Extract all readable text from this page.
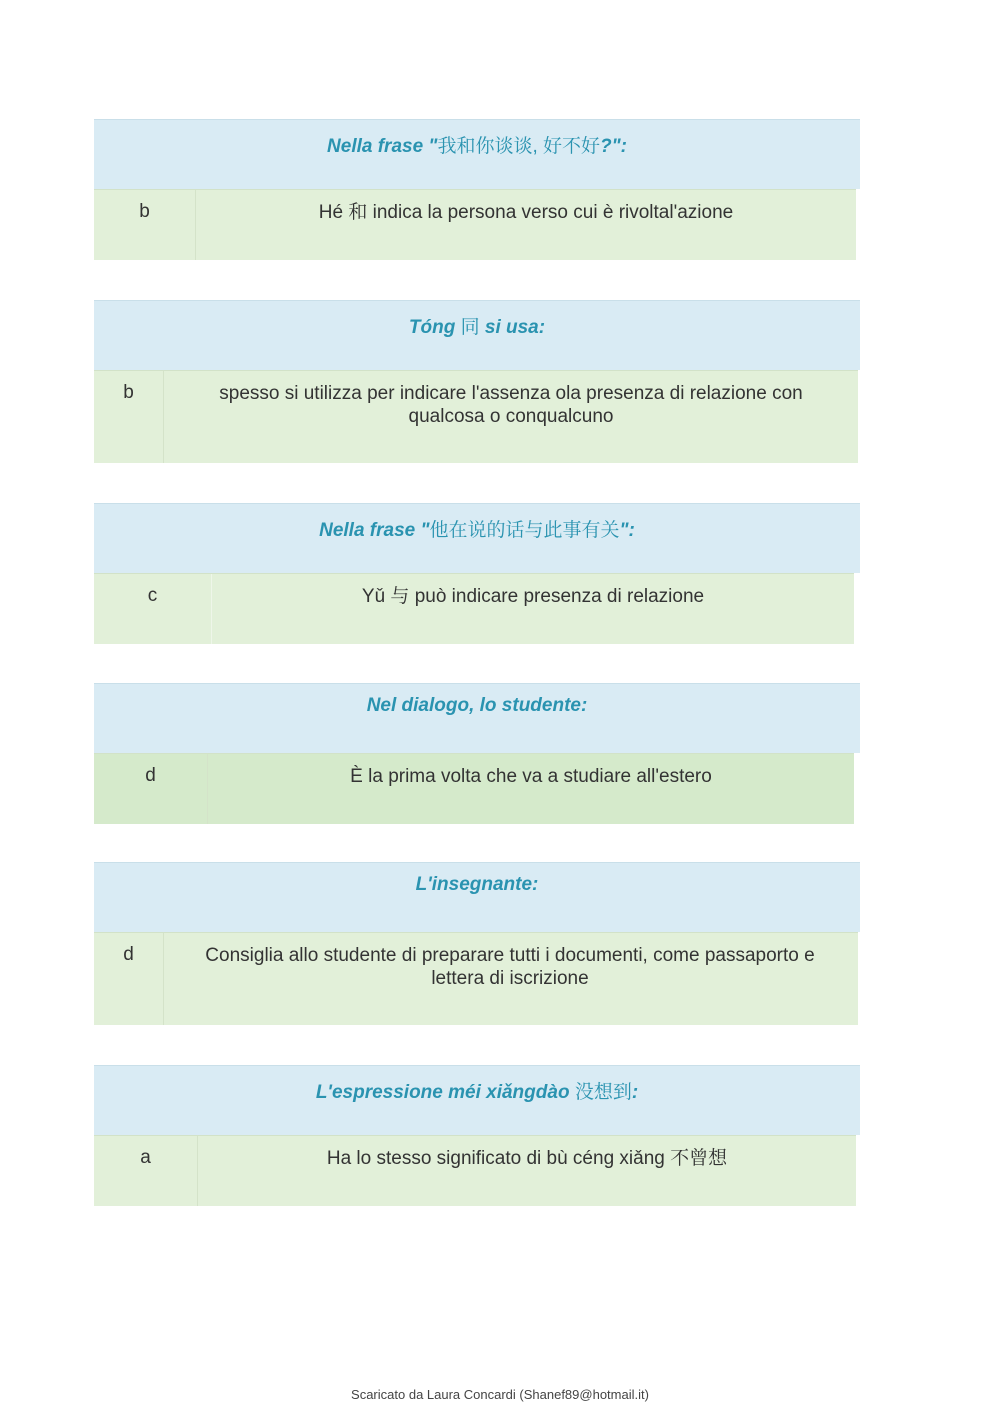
Nella frase "我和你谈谈, 好不好?":
b	Hé 和 indica la persona verso cui è rivoltal'azione
Tóng 同 si usa:
b	spesso si utilizza per indicare l'assenza ola presenza di relazione con qualcosa o conqualcuno
Nella frase "他在说的话与此事有关":
c	Yǔ 与 può indicare presenza di relazione
Nel dialogo, lo studente:
d	È la prima volta che va a studiare all'estero
L'insegnante:
d	Consiglia allo studente di preparare tutti i documenti, come passaporto e lettera di iscrizione
L'espressione méi xiǎngdào 没想到:
a	Ha lo stesso significato di bù céng xiǎng 不曾想
Scaricato da Laura Concardi (Shanef89@hotmail.it)
